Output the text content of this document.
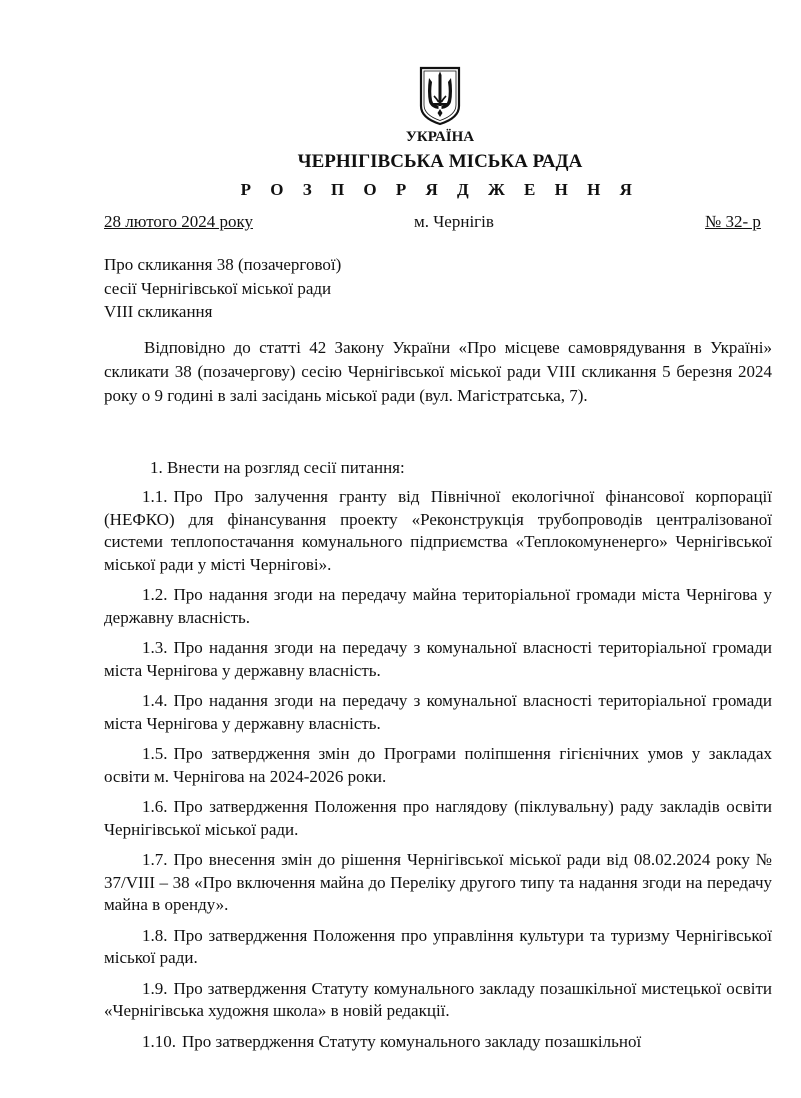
УКРАЇНА
ЧЕРНІГІВСЬКА МІСЬКА РАДА
Р О З П О Р Я Д Ж Е Н Н Я
28 лютого 2024 року	м. Чернігів	№ 32- р
Про скликання 38 (позачергової)
сесії Чернігівської міської ради
VIII скликання
Відповідно до статті 42 Закону України «Про місцеве самоврядування в Україні» скликати 38 (позачергову) сесію Чернігівської міської ради VIII скликання 5 березня 2024 року о 9 годині в залі засідань міської ради (вул. Магістратська, 7).
1. Внести на розгляд сесії питання:
1.1. Про Про залучення гранту від Північної екологічної фінансової корпорації (НЕФКО) для фінансування проекту «Реконструкція трубопроводів централізованої системи теплопостачання комунального підприємства «Теплокомуненерго» Чернігівської міської ради у місті Чернігові».
1.2. Про надання згоди на передачу майна територіальної громади міста Чернігова у державну власність.
1.3. Про надання згоди на передачу з комунальної власності територіальної громади міста Чернігова у державну власність.
1.4. Про надання згоди на передачу з комунальної власності територіальної громади міста Чернігова у державну власність.
1.5. Про затвердження змін до Програми поліпшення гігієнічних умов у закладах освіти м. Чернігова на 2024-2026 роки.
1.6. Про затвердження Положення про наглядову (піклувальну) раду закладів освіти Чернігівської міської ради.
1.7. Про внесення змін до рішення Чернігівської міської ради від 08.02.2024 року № 37/VIII – 38 «Про включення майна до Переліку другого типу та надання згоди на передачу майна в оренду».
1.8. Про затвердження Положення про управління культури та туризму Чернігівської міської ради.
1.9. Про затвердження Статуту комунального закладу позашкільної мистецької освіти «Чернігівська художня школа» в новій редакції.
1.10. Про затвердження Статуту комунального закладу позашкільної
